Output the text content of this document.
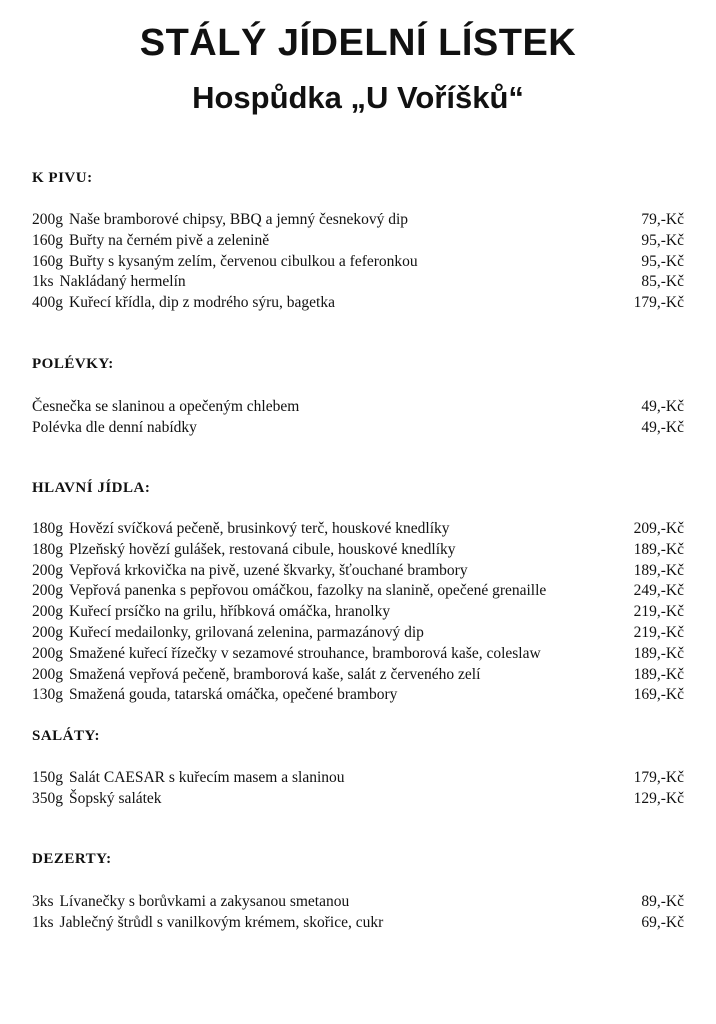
STÁLÝ JÍDELNÍ LÍSTEK
Hospůdka „U Voříšků“
K PIVU:
200g Naše bramborové chipsy, BBQ a jemný česnekový dip	79,-Kč
160g Buřty na černém pivě a zelenině	95,-Kč
160g Buřty s kysaným zelím, červenou cibulkou a feferonkou	95,-Kč
1ks Nakládaný hermelín	85,-Kč
400g Kuřecí křídla, dip z modrého sýru, bagetka	179,-Kč
POLÉVKY:
Česnečka se slaninou a opečeným chlebem	49,-Kč
Polévka dle denní nabídky	49,-Kč
HLAVNÍ JÍDLA:
180g Hovězí svíčková pečeně, brusinkový terč, houskové knedlíky	209,-Kč
180g Plzeňský hovězí gulášek, restovaná cibule, houskové knedlíky	189,-Kč
200g Vepřová krkovička na pivě, uzené škvarky, šťouchané brambory	189,-Kč
200g Vepřová panenka s pepřovou omáčkou, fazolky na slanině, opečené grenaille	249,-Kč
200g Kuřecí prsíčko na grilu, hříbková omáčka, hranolky	219,-Kč
200g Kuřecí medailonky, grilovaná zelenina, parmazánový dip	219,-Kč
200g Smažené kuřecí řízečky v sezamové strouhance, bramborová kaše, coleslaw	189,-Kč
200g Smažená vepřová pečeně, bramborová kaše, salát z červeného zelí	189,-Kč
130g Smažená gouda, tatarská omáčka, opečené brambory	169,-Kč
SALÁTY:
150g Salát CAESAR s kuřecím masem a slaninou	179,-Kč
350g Šopský salátek	129,-Kč
DEZERTY:
3ks Lívanečky s borůvkami a zakysanou smetanou	89,-Kč
1ks Jablečný štrůdl s vanilkovým krémem, skořice, cukr	69,-Kč
